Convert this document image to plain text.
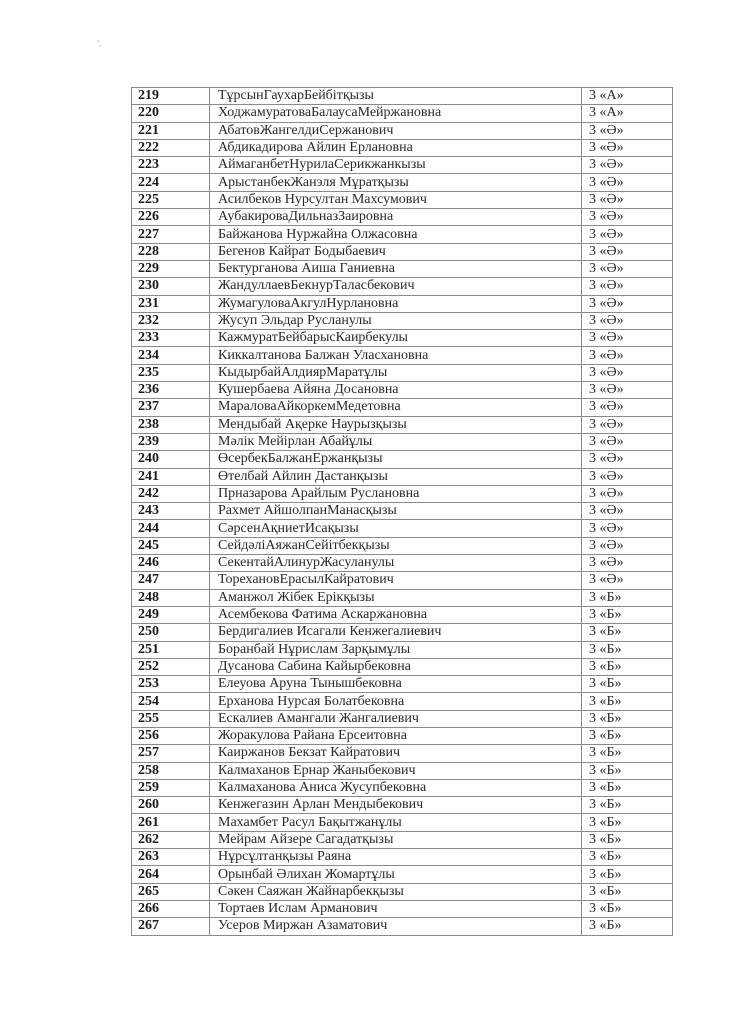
219	ТұрсынГаухарБейбітқызы	3 «А»
220	ХоджамуратоваБалаусаМейржановна	3 «А»
221	АбатовЖангелдиСержанович	3 «Ә»
222	Абдикадирова Айлин Ерлановна	3 «Ә»
223	АймаганбетНурилаСерикжанкызы	3 «Ә»
224	АрыстанбекЖанэля Мұратқызы	3 «Ә»
225	Асилбеков Нурсултан Махсумович	3 «Ә»
226	АубакироваДильназЗаировна	3 «Ә»
227	Байжанова Нуржайна Олжасовна	3 «Ә»
228	Бегенов Кайрат Бодыбаевич	3 «Ә»
229	Бектурганова Аиша Ганиевна	3 «Ә»
230	ЖандуллаевБекнурТаласбекович	3 «Ә»
231	ЖумагуловаАкгулНурлановна	3 «Ә»
232	Жусуп Эльдар Русланулы	3 «Ә»
233	КажмуратБейбарысКаирбекулы	3 «Ә»
234	Киккалтанова Балжан Уласхановна	3 «Ә»
235	КыдырбайАлдиярМаратұлы	3 «Ә»
236	Кушербаева Айяна Досановна	3 «Ә»
237	МараловаАйкоркемМедетовна	3 «Ә»
238	Мендыбай Ақерке Наурызқызы	3 «Ә»
239	Мәлік Мейірлан Абайұлы	3 «Ә»
240	ӨсербекБалжанЕржанқызы	3 «Ә»
241	Өтелбай Айлин Дастанқызы	3 «Ә»
242	Прназарова Арайлым Руслановна	3 «Ә»
243	Рахмет АйшолпанМанасқызы	3 «Ә»
244	СәрсенАқниетИсақызы	3 «Ә»
245	СейдәліАяжанСейітбекқызы	3 «Ә»
246	СекентайАлинурЖасуланулы	3 «Ә»
247	ТорехановЕрасылКайратович	3 «Ә»
248	Аманжол Жібек Ерікқызы	3 «Б»
249	Асембекова Фатима Аскаржановна	3 «Б»
250	Бердигалиев Исагали Кенжегалиевич	3 «Б»
251	Боранбай Нұрислам Зарқымұлы	3 «Б»
252	Дусанова Сабина Кайырбековна	3 «Б»
253	Елеуова Аруна Тынышбековна	3 «Б»
254	Ерханова Нурсая Болатбековна	3 «Б»
255	Ескалиев Амангали Жангалиевич	3 «Б»
256	Жоракулова Райана Ерсеитовна	3 «Б»
257	Каиржанов Бекзат Кайратович	3 «Б»
258	Калмаханов Ернар Жаныбекович	3 «Б»
259	Калмаханова Аниса Жусупбековна	3 «Б»
260	Кенжегазин Арлан Мендыбекович	3 «Б»
261	Махамбет Расул Бақытжанұлы	3 «Б»
262	Мейрам Айзере Сагадатқызы	3 «Б»
263	Нұрсұлтанқызы Раяна	3 «Б»
264	Орынбай Әлихан Жомартұлы	3 «Б»
265	Сәкен Саяжан Жайнарбекқызы	3 «Б»
266	Тортаев Ислам Арманович	3 «Б»
267	Усеров Миржан Азаматович	3 «Б»
